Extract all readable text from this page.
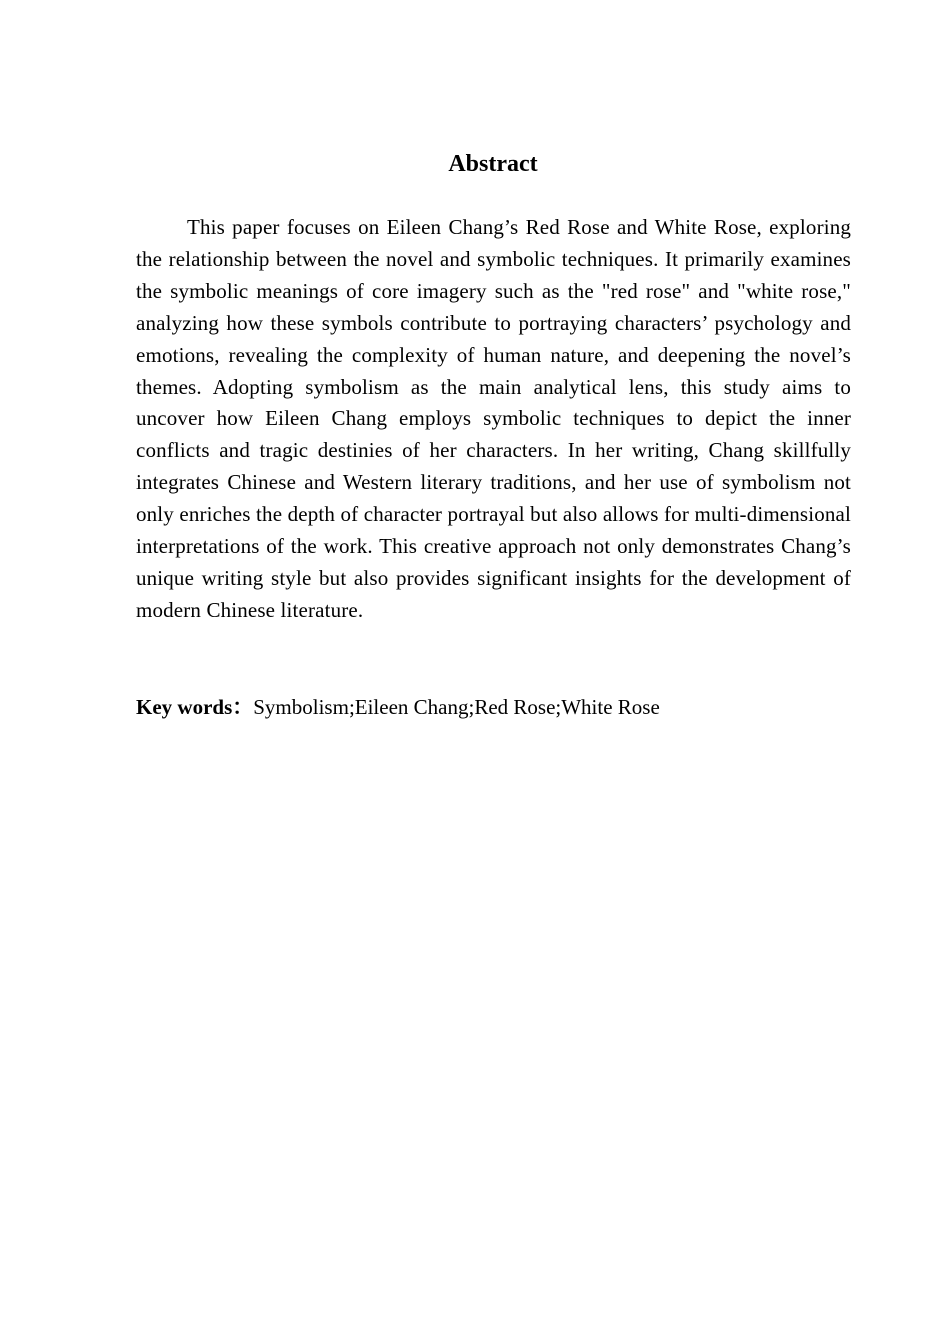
Abstract

This paper focuses on Eileen Chang’s Red Rose and White Rose, exploring the relationship between the novel and symbolic techniques. It primarily examines the symbolic meanings of core imagery such as the "red rose" and "white rose," analyzing how these symbols contribute to portraying characters’ psychology and emotions, revealing the complexity of human nature, and deepening the novel’s themes. Adopting symbolism as the main analytical lens, this study aims to uncover how Eileen Chang employs symbolic techniques to depict the inner conflicts and tragic destinies of her characters. In her writing, Chang skillfully integrates Chinese and Western literary traditions, and her use of symbolism not only enriches the depth of character portrayal but also allows for multi-dimensional interpretations of the work. This creative approach not only demonstrates Chang’s unique writing style but also provides significant insights for the development of modern Chinese literature.

Key words：Symbolism;Eileen Chang;Red Rose;White Rose
